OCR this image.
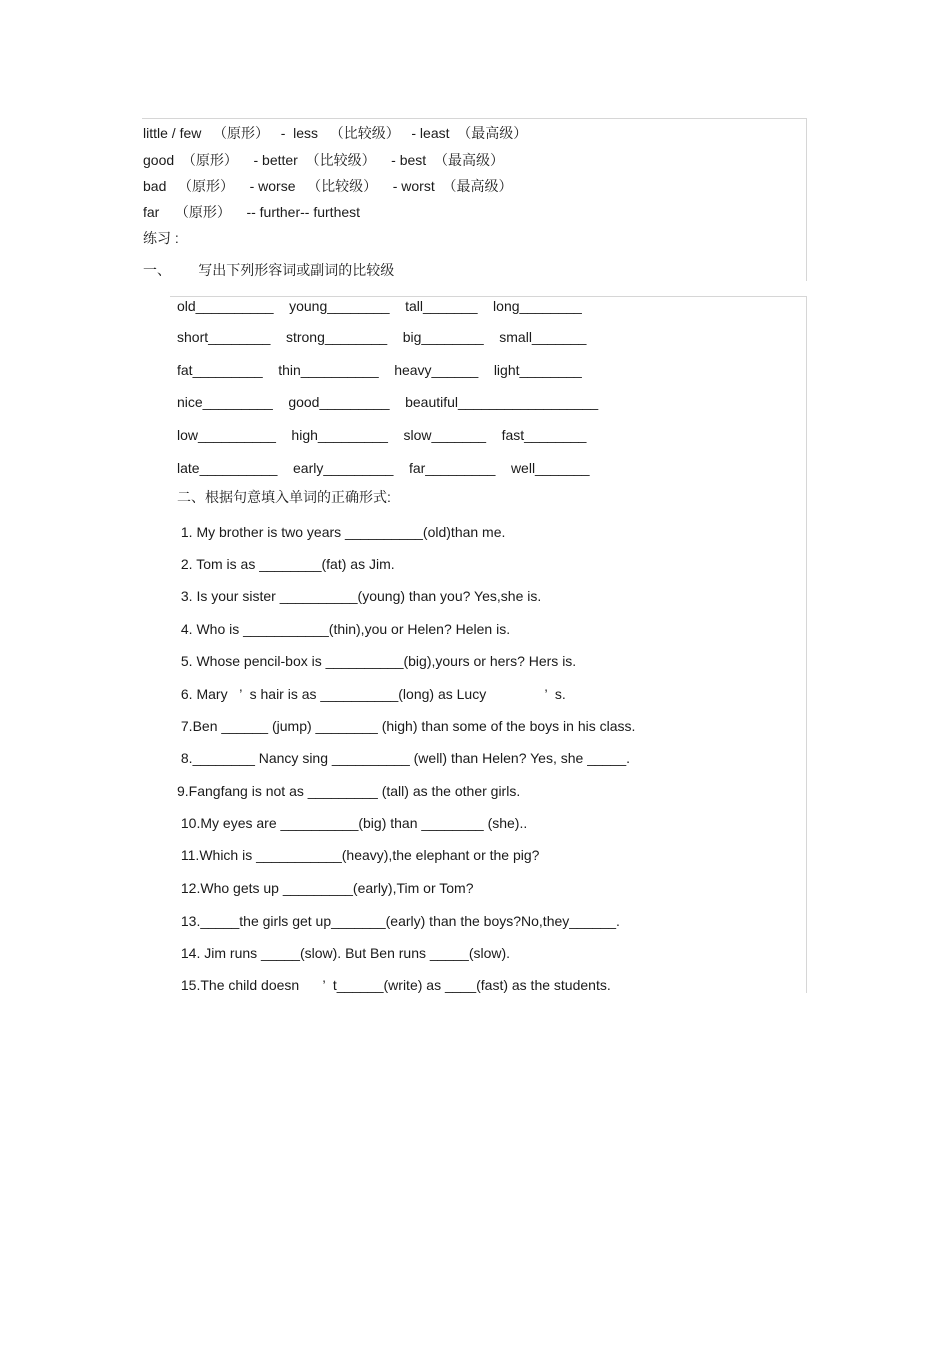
little / few   （原形）   -  less   （比较级）   - least  （最高级）
good  （原形）    - better  （比较级）    - best  （最高级）
bad   （原形）    - worse   （比较级）    - worst  （最高级）
far    （原形）    -- further-- furthest
练习 :
一、       写出下列形容词或副词的比较级
old__________    young________    tall_______    long________
short________    strong________    big________    small_______
fat_________    thin__________    heavy______    light________
nice_________    good_________    beautiful__________________
low__________    high_________    slow_______    fast________
late__________    early_________    far_________    well_______
二、根据句意填入单词的正确形式:
1. My brother is two years __________(old)than me.
2. Tom is as ________(fat) as Jim.
3. Is your sister __________(young) than you? Yes,she is.
4. Who is ___________(thin),you or Helen? Helen is.
5. Whose pencil-box is __________(big),yours or hers? Hers is.
6. Mary   ’  s hair is as __________(long) as Lucy               ’  s.
7.Ben ______ (jump) ________ (high) than some of the boys in his class.
8.________ Nancy sing __________ (well) than Helen? Yes, she _____.
9.Fangfang is not as _________ (tall) as the other girls.
10.My eyes are __________(big) than ________ (she)..
11.Which is ___________(heavy),the elephant or the pig?
12.Who gets up _________(early),Tim or Tom?
13._____the girls get up_______(early) than the boys?No,they______.
14. Jim runs _____(slow). But Ben runs _____(slow).
15.The child doesn      ’  t______(write) as ____(fast) as the students.
